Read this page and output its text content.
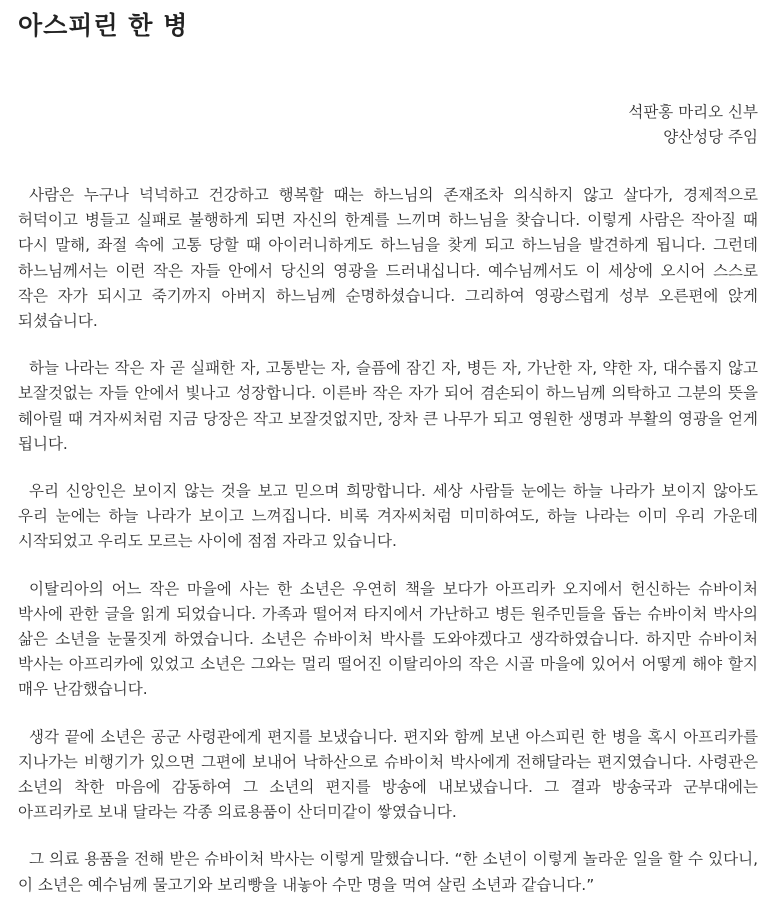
아스피린 한 병
석판홍 마리오 신부
양산성당 주임

사람은 누구나 넉넉하고 건강하고 행복할 때는 하느님의 존재조차 의식하지 않고 살다가, 경제적으로 허덕이고 병들고 실패로 불행하게 되면 자신의 한계를 느끼며 하느님을 찾습니다. 이렇게 사람은 작아질 때 다시 말해, 좌절 속에 고통 당할 때 아이러니하게도 하느님을 찾게 되고 하느님을 발견하게 됩니다. 그런데 하느님께서는 이런 작은 자들 안에서 당신의 영광을 드러내십니다. 예수님께서도 이 세상에 오시어 스스로 작은 자가 되시고 죽기까지 아버지 하느님께 순명하셨습니다. 그리하여 영광스럽게 성부 오른편에 앉게 되셨습니다.

하늘 나라는 작은 자 곧 실패한 자, 고통받는 자, 슬픔에 잠긴 자, 병든 자, 가난한 자, 약한 자, 대수롭지 않고 보잘것없는 자들 안에서 빛나고 성장합니다. 이른바 작은 자가 되어 겸손되이 하느님께 의탁하고 그분의 뜻을 헤아릴 때 겨자씨처럼 지금 당장은 작고 보잘것없지만, 장차 큰 나무가 되고 영원한 생명과 부활의 영광을 얻게 됩니다.

우리 신앙인은 보이지 않는 것을 보고 믿으며 희망합니다. 세상 사람들 눈에는 하늘 나라가 보이지 않아도 우리 눈에는 하늘 나라가 보이고 느껴집니다. 비록 겨자씨처럼 미미하여도, 하늘 나라는 이미 우리 가운데 시작되었고 우리도 모르는 사이에 점점 자라고 있습니다.

이탈리아의 어느 작은 마을에 사는 한 소년은 우연히 책을 보다가 아프리카 오지에서 헌신하는 슈바이처 박사에 관한 글을 읽게 되었습니다. 가족과 떨어져 타지에서 가난하고 병든 원주민들을 돕는 슈바이처 박사의 삶은 소년을 눈물짓게 하였습니다. 소년은 슈바이처 박사를 도와야겠다고 생각하였습니다. 하지만 슈바이처 박사는 아프리카에 있었고 소년은 그와는 멀리 떨어진 이탈리아의 작은 시골 마을에 있어서 어떻게 해야 할지 매우 난감했습니다.

생각 끝에 소년은 공군 사령관에게 편지를 보냈습니다. 편지와 함께 보낸 아스피린 한 병을 혹시 아프리카를 지나가는 비행기가 있으면 그편에 보내어 낙하산으로 슈바이처 박사에게 전해달라는 편지였습니다. 사령관은 소년의 착한 마음에 감동하여 그 소년의 편지를 방송에 내보냈습니다. 그 결과 방송국과 군부대에는 아프리카로 보내 달라는 각종 의료용품이 산더미같이 쌓였습니다.

그 의료 용품을 전해 받은 슈바이처 박사는 이렇게 말했습니다. “한 소년이 이렇게 놀라운 일을 할 수 있다니, 이 소년은 예수님께 물고기와 보리빵을 내놓아 수만 명을 먹여 살린 소년과 같습니다.”
